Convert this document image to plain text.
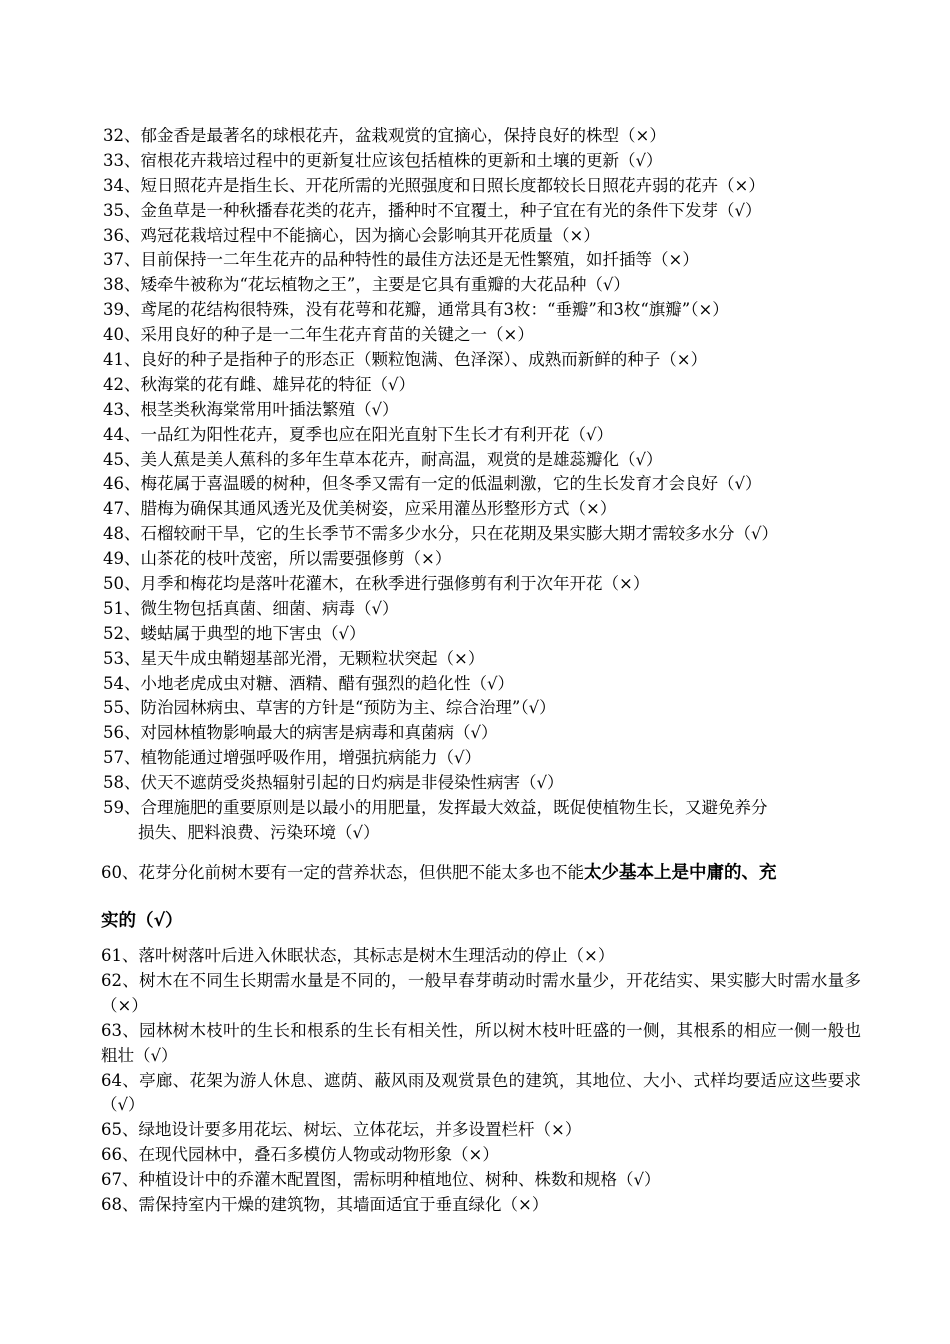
32、郁金香是最著名的球根花卉，盆栽观赏的宜摘心，保持良好的株型（×）
33、宿根花卉栽培过程中的更新复壮应该包括植株的更新和土壤的更新（√）
34、短日照花卉是指生长、开花所需的光照强度和日照长度都较长日照花卉弱的花卉（×）
35、金鱼草是一种秋播春花类的花卉，播种时不宜覆土，种子宜在有光的条件下发芽（√）
36、鸡冠花栽培过程中不能摘心，因为摘心会影响其开花质量（×）
37、目前保持一二年生花卉的品种特性的最佳方法还是无性繁殖，如扦插等（×）
38、矮牵牛被称为“花坛植物之王”，主要是它具有重瓣的大花品种（√）
39、鸢尾的花结构很特殊，没有花萼和花瓣，通常具有3枚：“垂瓣”和3枚“旗瓣”（×）
40、采用良好的种子是一二年生花卉育苗的关键之一（×）
41、良好的种子是指种子的形态正（颗粒饱满、色泽深）、成熟而新鲜的种子（×）
42、秋海棠的花有雌、雄异花的特征（√）
43、根茎类秋海棠常用叶插法繁殖（√）
44、一品红为阳性花卉，夏季也应在阳光直射下生长才有利开花（√）
45、美人蕉是美人蕉科的多年生草本花卉，耐高温，观赏的是雄蕊瓣化（√）
46、梅花属于喜温暖的树种，但冬季又需有一定的低温刺激，它的生长发育才会良好（√）
47、腊梅为确保其通风透光及优美树姿，应采用灌丛形整形方式（×）
48、石榴较耐干旱，它的生长季节不需多少水分，只在花期及果实膨大期才需较多水分（√）
49、山茶花的枝叶茂密，所以需要强修剪（×）
50、月季和梅花均是落叶花灌木，在秋季进行强修剪有利于次年开花（×）
51、微生物包括真菌、细菌、病毒（√）
52、蝼蛄属于典型的地下害虫（√）
53、星天牛成虫鞘翅基部光滑，无颗粒状突起（×）
54、小地老虎成虫对糖、酒精、醋有强烈的趋化性（√）
55、防治园林病虫、草害的方针是“预防为主、综合治理”（√）
56、对园林植物影响最大的病害是病毒和真菌病（√）
57、植物能通过增强呼吸作用，增强抗病能力（√）
58、伏天不遮荫受炎热辐射引起的日灼病是非侵染性病害（√）
59、合理施肥的重要原则是以最小的用肥量，发挥最大效益，既促使植物生长，又避免养分
损失、肥料浪费、污染环境（√）
60、花芽分化前树木要有一定的营养状态，但供肥不能太多也不能太少基本上是中庸的、充
实的（√）
61、落叶树落叶后进入休眠状态，其标志是树木生理活动的停止（×）
62、树木在不同生长期需水量是不同的，一般早春芽萌动时需水量少，开花结实、果实膨大时需水量多（×）
63、园林树木枝叶的生长和根系的生长有相关性，所以树木枝叶旺盛的一侧，其根系的相应一侧一般也粗壮（√）
64、亭廊、花架为游人休息、遮荫、蔽风雨及观赏景色的建筑，其地位、大小、式样均要适应这些要求（√）
65、绿地设计要多用花坛、树坛、立体花坛，并多设置栏杆（×）
66、在现代园林中，叠石多模仿人物或动物形象（×）
67、种植设计中的乔灌木配置图，需标明种植地位、树种、株数和规格（√）
68、需保持室内干燥的建筑物，其墙面适宜于垂直绿化（×）
